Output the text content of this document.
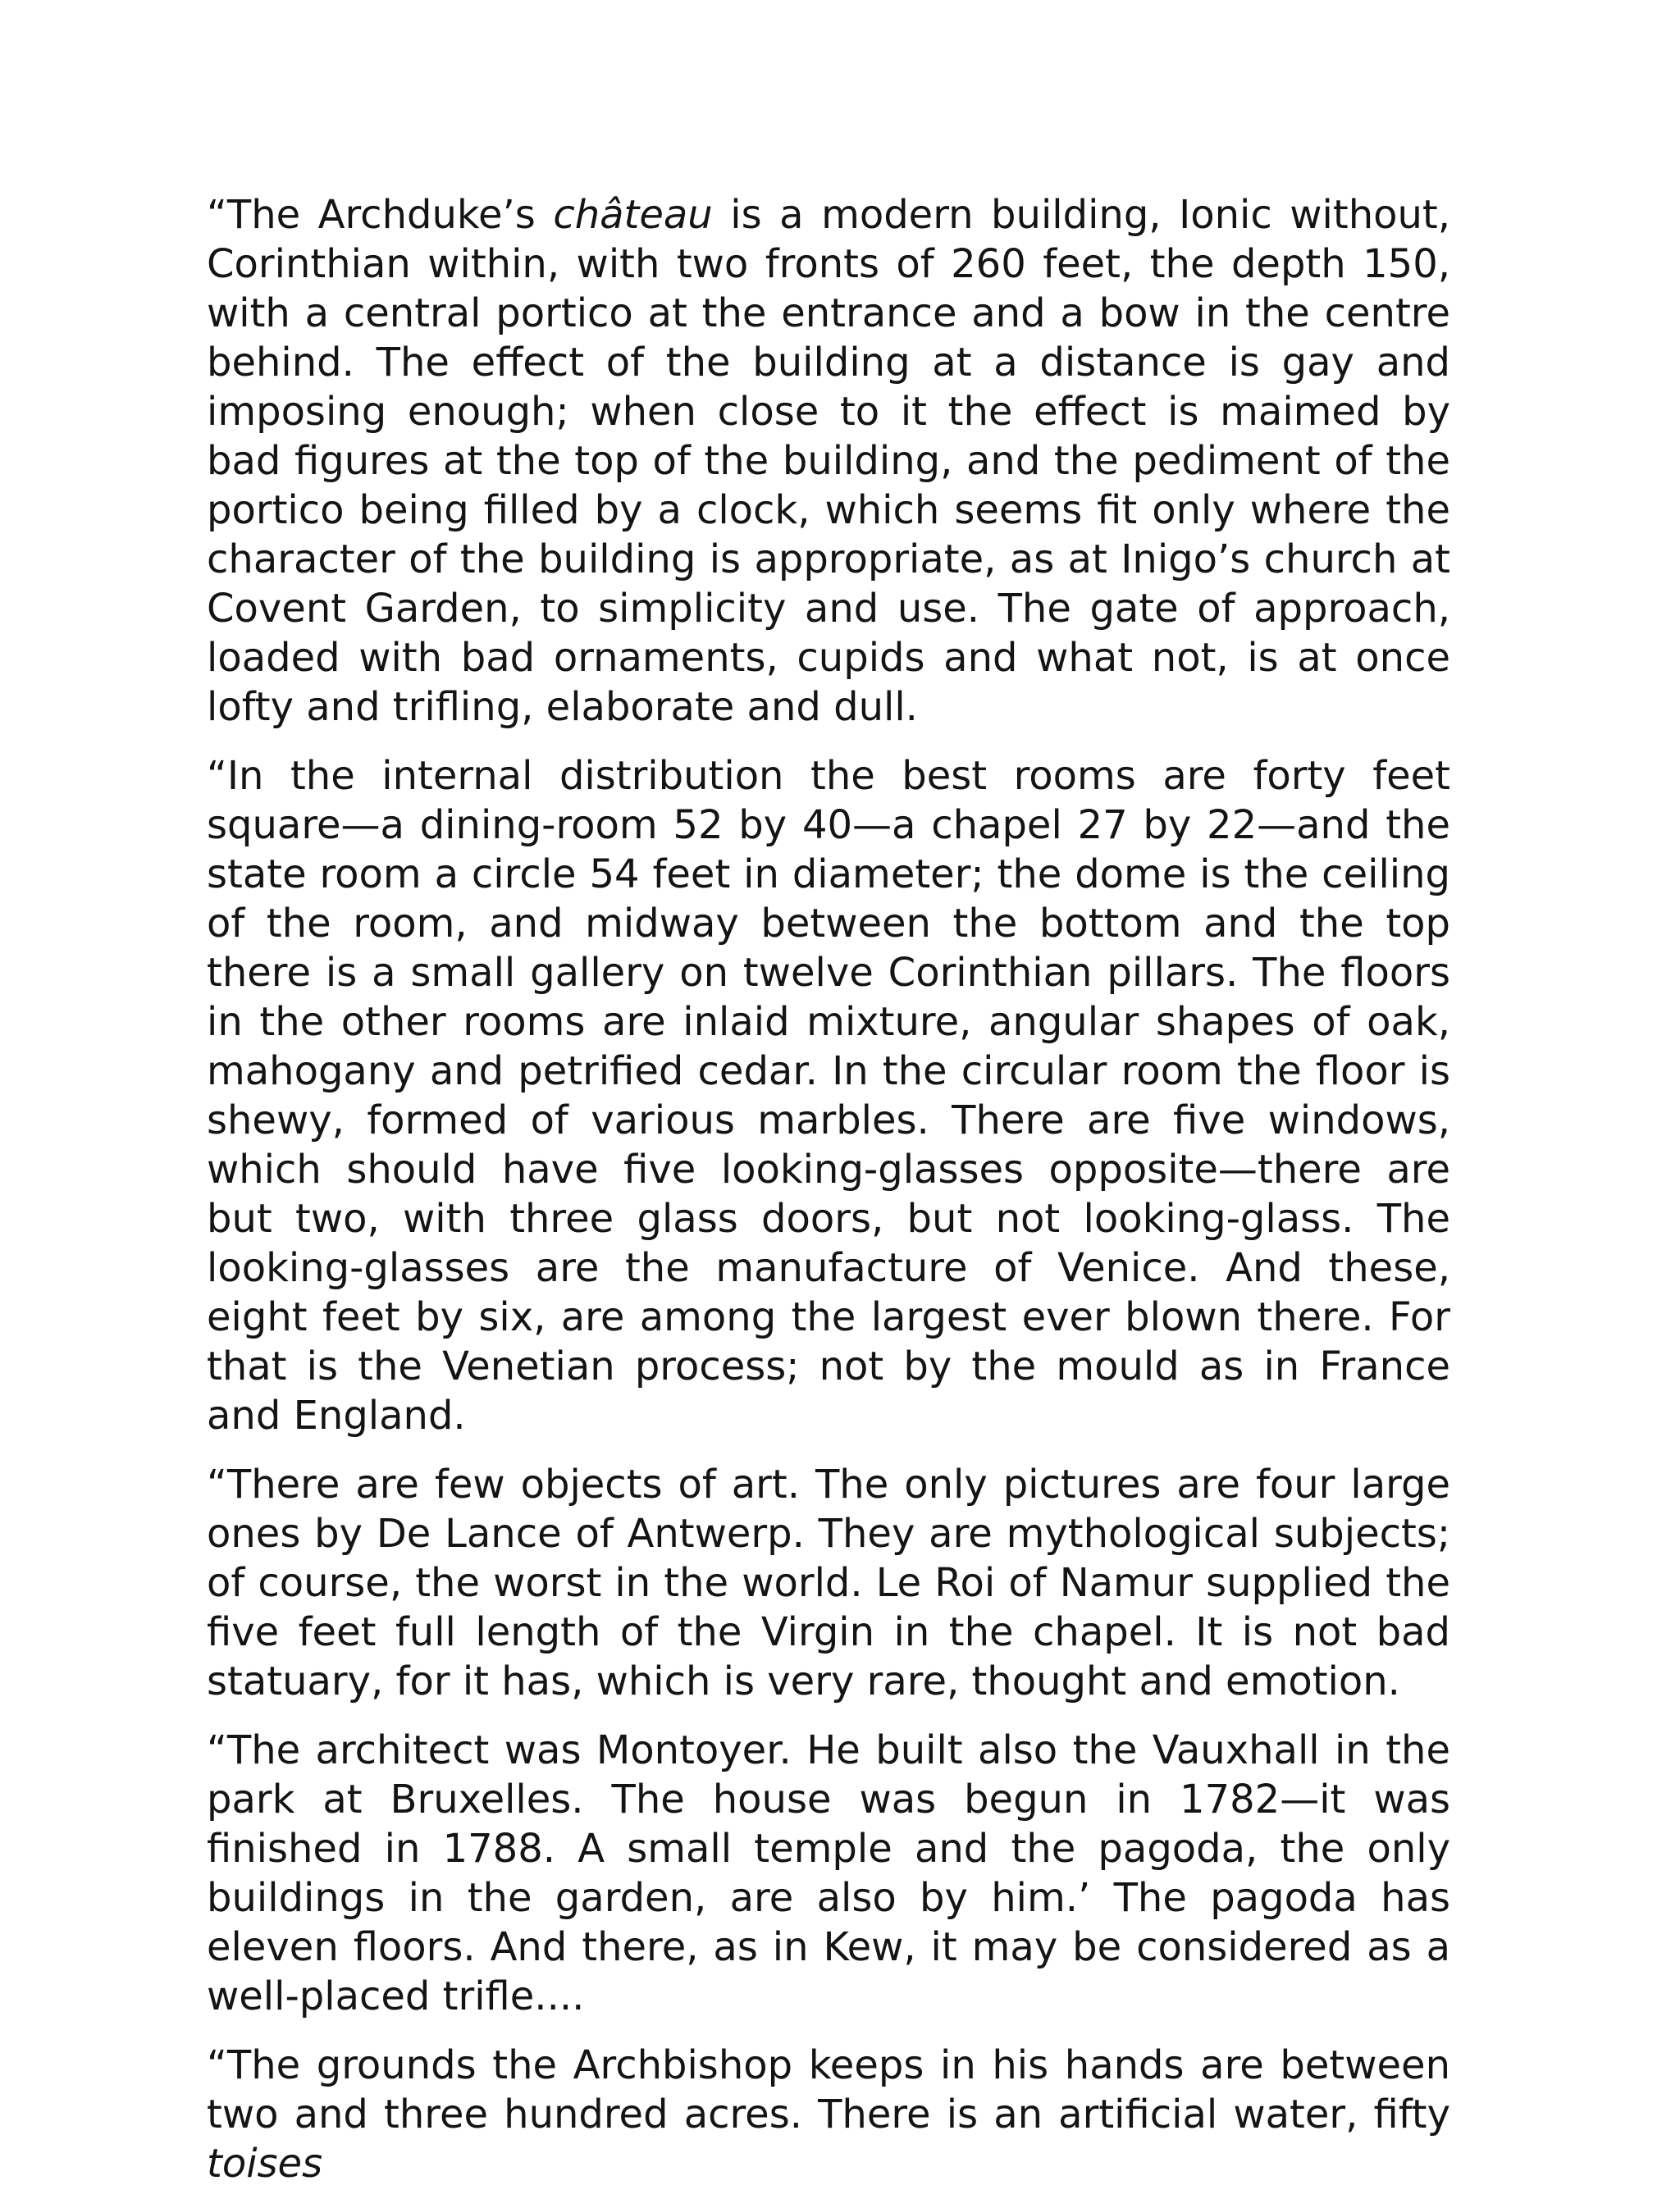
“The Archduke’s château is a modern building, Ionic without, Corinthian within, with two fronts of 260 feet, the depth 150, with a central portico at the entrance and a bow in the centre behind. The effect of the building at a distance is gay and imposing enough; when close to it the effect is maimed by bad figures at the top of the building, and the pediment of the portico being filled by a clock, which seems fit only where the character of the building is appropriate, as at Inigo’s church at Covent Garden, to simplicity and use. The gate of approach, loaded with bad ornaments, cupids and what not, is at once lofty and trifling, elaborate and dull.

“In the internal distribution the best rooms are forty feet square—a dining-room 52 by 40—a chapel 27 by 22—and the state room a circle 54 feet in diameter; the dome is the ceiling of the room, and midway between the bottom and the top there is a small gallery on twelve Corinthian pillars. The floors in the other rooms are inlaid mixture, angular shapes of oak, mahogany and petrified cedar. In the circular room the floor is shewy, formed of various marbles. There are five windows, which should have five looking-glasses opposite—there are but two, with three glass doors, but not looking-glass. The looking-glasses are the manufacture of Venice. And these, eight feet by six, are among the largest ever blown there. For that is the Venetian process; not by the mould as in France and England.

“There are few objects of art. The only pictures are four large ones by De Lance of Antwerp. They are mythological subjects; of course, the worst in the world. Le Roi of Namur supplied the five feet full length of the Virgin in the chapel. It is not bad statuary, for it has, which is very rare, thought and emotion.

“The architect was Montoyer. He built also the Vauxhall in the park at Bruxelles. The house was begun in 1782—it was finished in 1788. A small temple and the pagoda, the only buildings in the garden, are also by him.’ The pagoda has eleven floors. And there, as in Kew, it may be considered as a well-placed trifle....

“The grounds the Archbishop keeps in his hands are between two and three hundred acres. There is an artificial water, fifty toises
